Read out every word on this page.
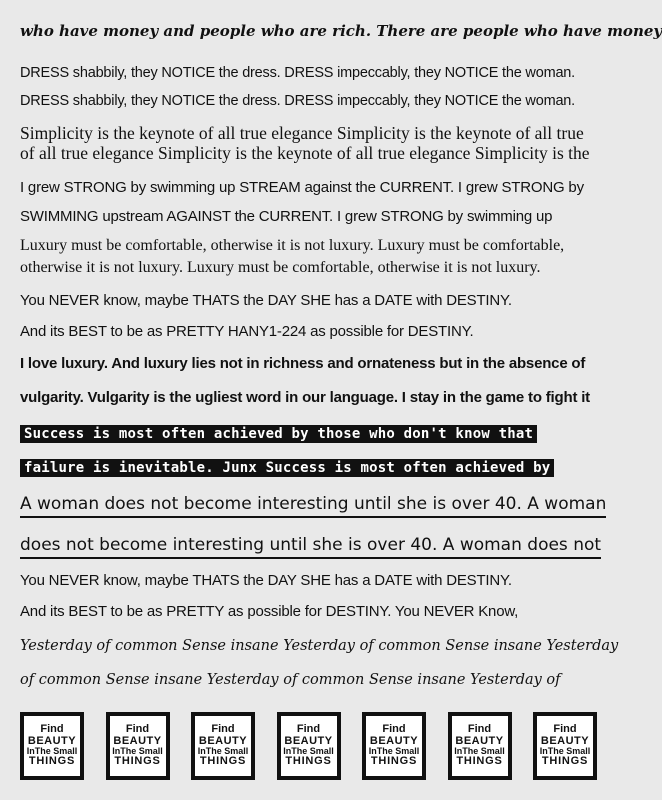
who have money and people who are rich. There are people who have money
DRESS shabbily, they NOTICE the dress. DRESS impeccably, they NOTICE the woman.
DRESS shabbily, they NOTICE the dress. DRESS impeccably, they NOTICE the woman.
Simplicity is the keynote of all true elegance Simplicity is the keynote of all true
of all true elegance Simplicity is the keynote of all true elegance Simplicity is the
I grew STRONG by swimming up STREAM against the CURRENT. I grew STRONG by
SWIMMING upstream AGAINST the CURRENT. I grew STRONG by swimming up
Luxury must be comfortable, otherwise it is not luxury. Luxury must be comfortable,
otherwise it is not luxury. Luxury must be comfortable, otherwise it is not luxury.
You NEVER know, maybe THATS the DAY SHE has a DATE with DESTINY.
And its BEST to be as PRETTY HANY1-224 as possible for DESTINY.
I love luxury. And luxury lies not in richness and ornateness but in the absence of
vulgarity. Vulgarity is the ugliest word in our language. I stay in the game to fight it
Success is most often achieved by those who don't know that
failure is inevitable. Junx Success is most often achieved by
A woman does not become interesting until she is over 40. A woman
does not become interesting until she is over 40. A woman does not
You NEVER know, maybe THATS the DAY SHE has a DATE with DESTINY.
And its BEST to be as PRETTY as possible for DESTINY. You NEVER Know,
Yesterday of common Sense insane Yesterday of common Sense insane Yesterday
of common Sense insane Yesterday of common Sense insane Yesterday of
Find
BEAUTY
InThe Small
THINGS
Find
BEAUTY
InThe Small
THINGS
Find
BEAUTY
InThe Small
THINGS
Find
BEAUTY
InThe Small
THINGS
Find
BEAUTY
InThe Small
THINGS
Find
BEAUTY
InThe Small
THINGS
Find
BEAUTY
InThe Small
THINGS
